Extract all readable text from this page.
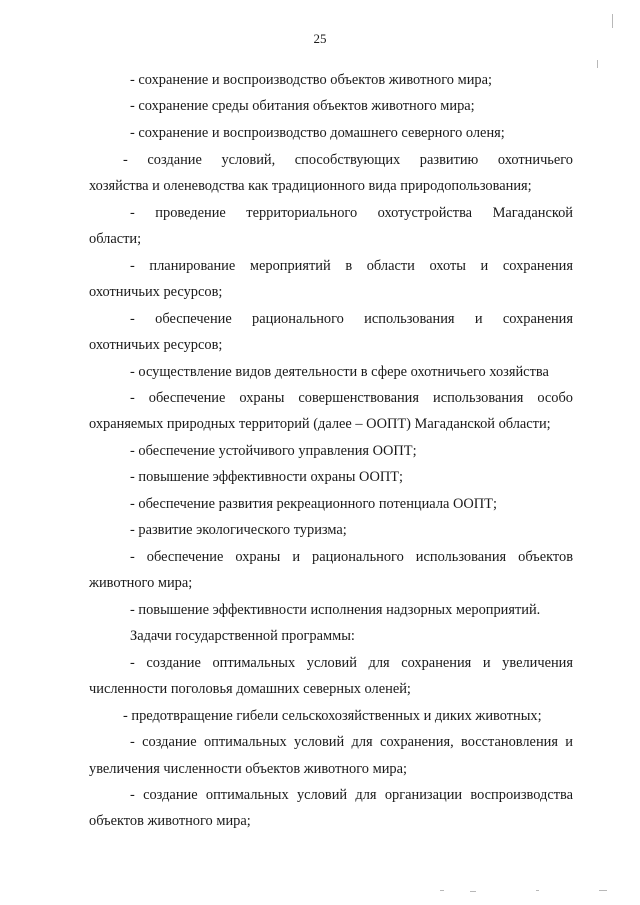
25
- сохранение и воспроизводство объектов животного мира;
- сохранение среды обитания объектов животного мира;
- сохранение и воспроизводство домашнего северного оленя;
- создание условий, способствующих развитию охотничьего
хозяйства и оленеводства как традиционного вида природопользования;
- проведение территориального охотустройства Магаданской
области;
- планирование мероприятий в области охоты и сохранения
охотничьих ресурсов;
- обеспечение рационального использования и сохранения
охотничьих ресурсов;
- осуществление видов деятельности в сфере охотничьего хозяйства
- обеспечение охраны совершенствования использования особо
охраняемых природных территорий (далее – ООПТ) Магаданской области;
- обеспечение устойчивого управления ООПТ;
- повышение эффективности охраны ООПТ;
- обеспечение развития рекреационного потенциала ООПТ;
- развитие экологического туризма;
- обеспечение охраны и рационального использования объектов
животного мира;
- повышение эффективности исполнения надзорных мероприятий.
Задачи государственной программы:
- создание оптимальных условий для сохранения и увеличения
численности поголовья домашних северных оленей;
- предотвращение гибели сельскохозяйственных и диких животных;
- создание оптимальных условий для сохранения, восстановления и
увеличения численности объектов животного мира;
- создание оптимальных условий для организации воспроизводства
объектов животного мира;
